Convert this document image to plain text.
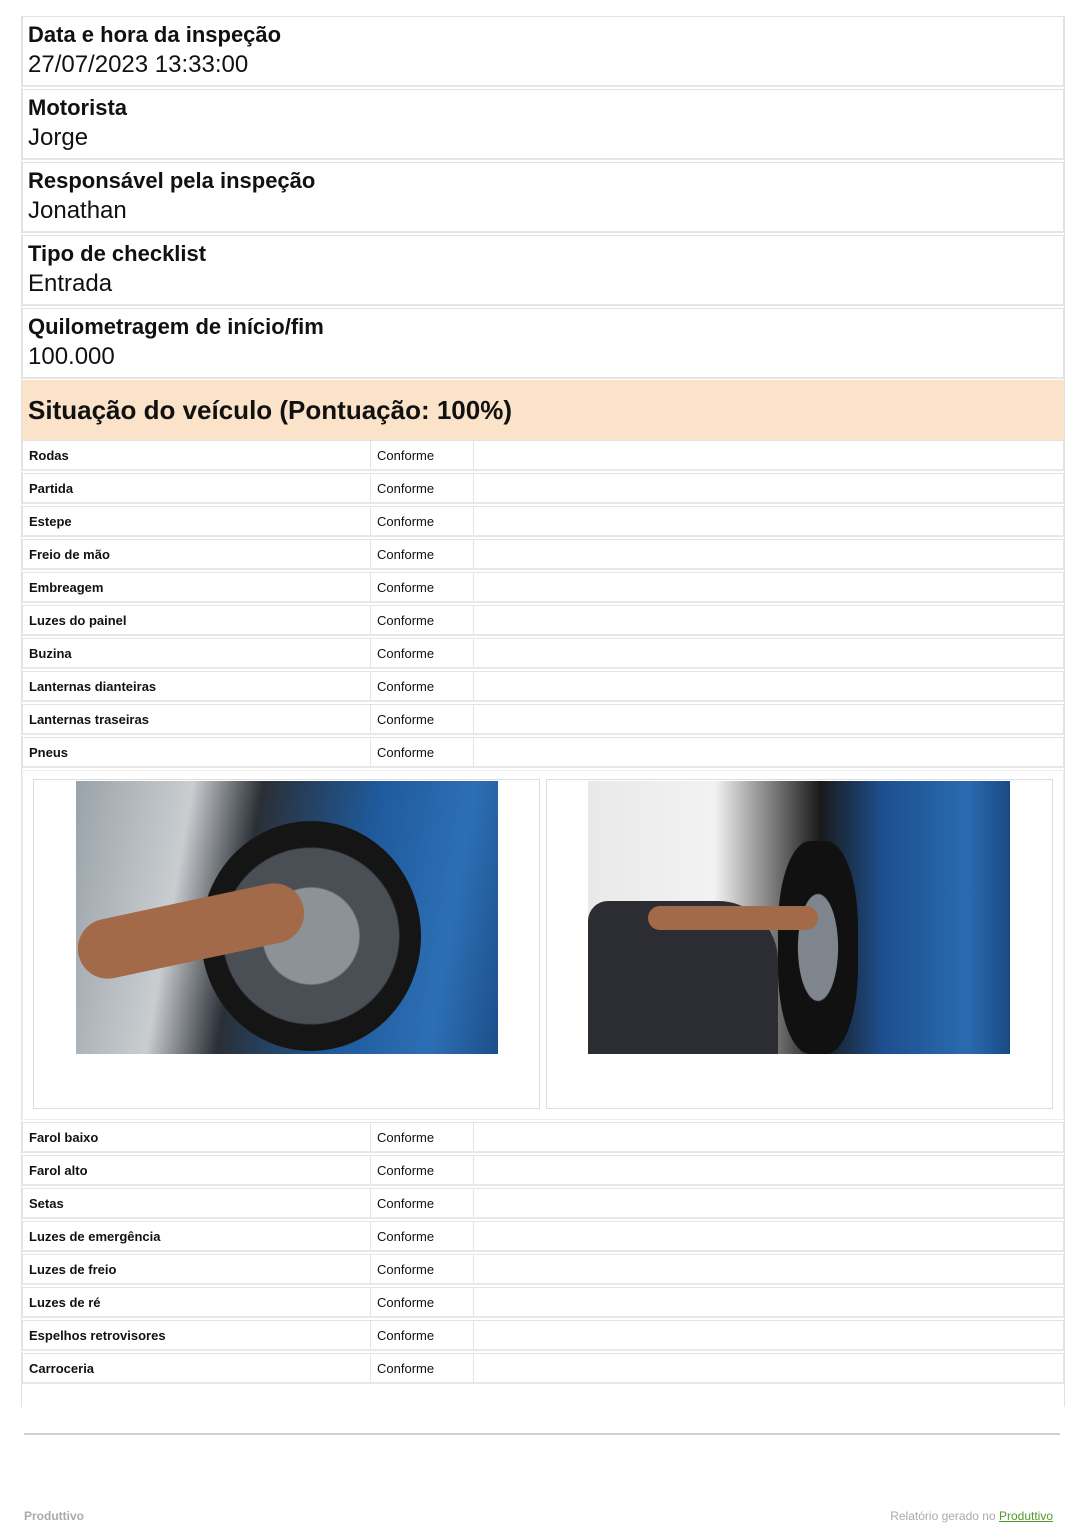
Data e hora da inspeção
27/07/2023 13:33:00
Motorista
Jorge
Responsável pela inspeção
Jonathan
Tipo de checklist
Entrada
Quilometragem de início/fim
100.000
Situação do veículo (Pontuação: 100%)
Rodas	Conforme
Partida	Conforme
Estepe	Conforme
Freio de mão	Conforme
Embreagem	Conforme
Luzes do painel	Conforme
Buzina	Conforme
Lanternas dianteiras	Conforme
Lanternas traseiras	Conforme
Pneus	Conforme
Farol baixo	Conforme
Farol alto	Conforme
Setas	Conforme
Luzes de emergência	Conforme
Luzes de freio	Conforme
Luzes de ré	Conforme
Espelhos retrovisores	Conforme
Carroceria	Conforme
Produttivo	Relatório gerado no Produttivo
